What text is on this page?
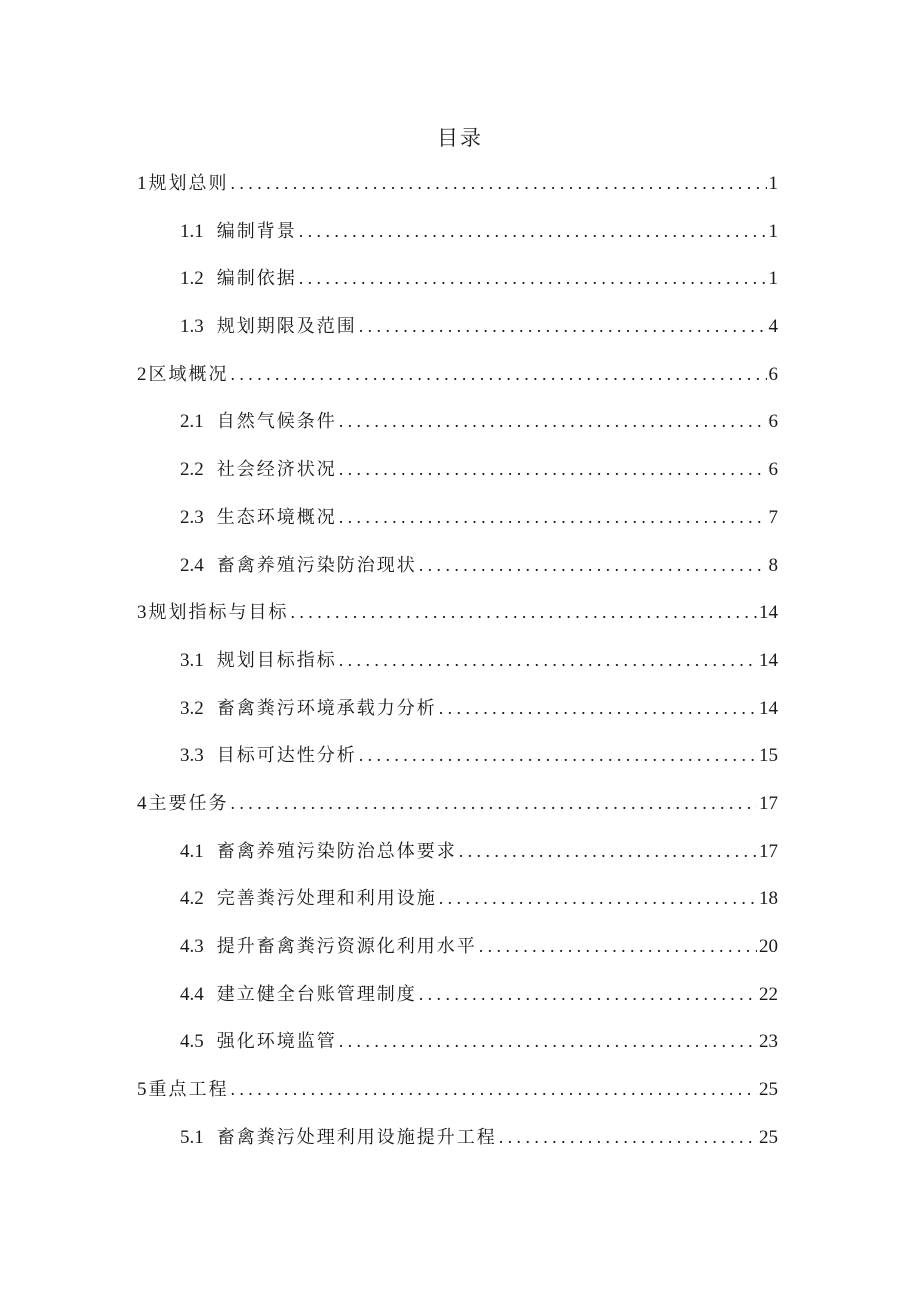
目录
1 规划总则 .....	1
1.1 编制背景 .....	1
1.2 编制依据 .....	1
1.3 规划期限及范围 .....	4
2 区域概况 .....	6
2.1 自然气候条件 .....	6
2.2 社会经济状况 .....	6
2.3 生态环境概况 .....	7
2.4 畜禽养殖污染防治现状 .....	8
3 规划指标与目标 .....	14
3.1 规划目标指标 .....	14
3.2 畜禽粪污环境承载力分析 .....	14
3.3 目标可达性分析 .....	15
4 主要任务 .....	17
4.1 畜禽养殖污染防治总体要求 .....	17
4.2 完善粪污处理和利用设施 .....	18
4.3 提升畜禽粪污资源化利用水平 .....	20
4.4 建立健全台账管理制度 .....	22
4.5 强化环境监管 .....	23
5 重点工程 .....	25
5.1 畜禽粪污处理利用设施提升工程 .....	25
